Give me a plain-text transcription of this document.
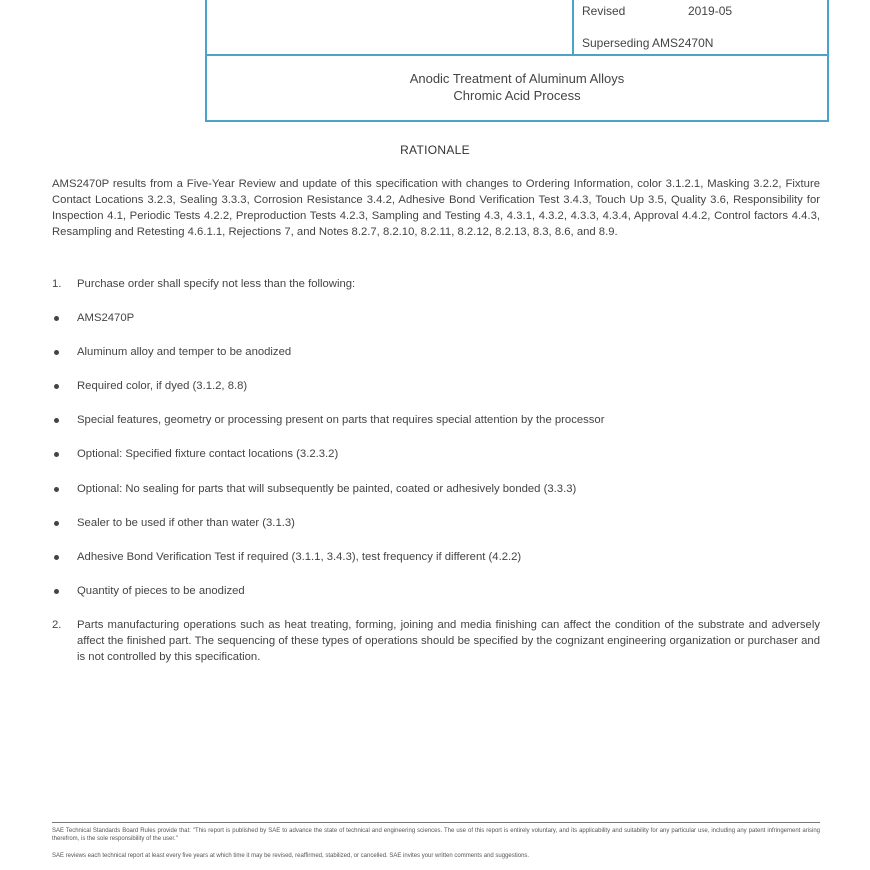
Revised	2019-05
Superseding AMS2470N
Anodic Treatment of Aluminum Alloys
Chromic Acid Process
RATIONALE
AMS2470P results from a Five-Year Review and update of this specification with changes to Ordering Information, color 3.1.2.1, Masking 3.2.2, Fixture Contact Locations 3.2.3, Sealing 3.3.3, Corrosion Resistance 3.4.2, Adhesive Bond Verification Test 3.4.3, Touch Up 3.5, Quality 3.6, Responsibility for Inspection 4.1, Periodic Tests 4.2.2, Preproduction Tests 4.2.3, Sampling and Testing 4.3, 4.3.1, 4.3.2, 4.3.3, 4.3.4, Approval 4.4.2, Control factors 4.4.3, Resampling and Retesting 4.6.1.1, Rejections 7, and Notes 8.2.7, 8.2.10, 8.2.11, 8.2.12, 8.2.13, 8.3, 8.6, and 8.9.
1. Purchase order shall specify not less than the following:
AMS2470P
Aluminum alloy and temper to be anodized
Required color, if dyed (3.1.2, 8.8)
Special features, geometry or processing present on parts that requires special attention by the processor
Optional: Specified fixture contact locations (3.2.3.2)
Optional: No sealing for parts that will subsequently be painted, coated or adhesively bonded (3.3.3)
Sealer to be used if other than water (3.1.3)
Adhesive Bond Verification Test if required (3.1.1, 3.4.3), test frequency if different (4.2.2)
Quantity of pieces to be anodized
2. Parts manufacturing operations such as heat treating, forming, joining and media finishing can affect the condition of the substrate and adversely affect the finished part. The sequencing of these types of operations should be specified by the cognizant engineering organization or purchaser and is not controlled by this specification.
SAE Technical Standards Board Rules provide that: "This report is published by SAE to advance the state of technical and engineering sciences. The use of this report is entirely voluntary, and its applicability and suitability for any particular use, including any patent infringement arising therefrom, is the sole responsibility of the user."
SAE reviews each technical report at least every five years at which time it may be revised, reaffirmed, stabilized, or cancelled. SAE invites your written comments and suggestions.
